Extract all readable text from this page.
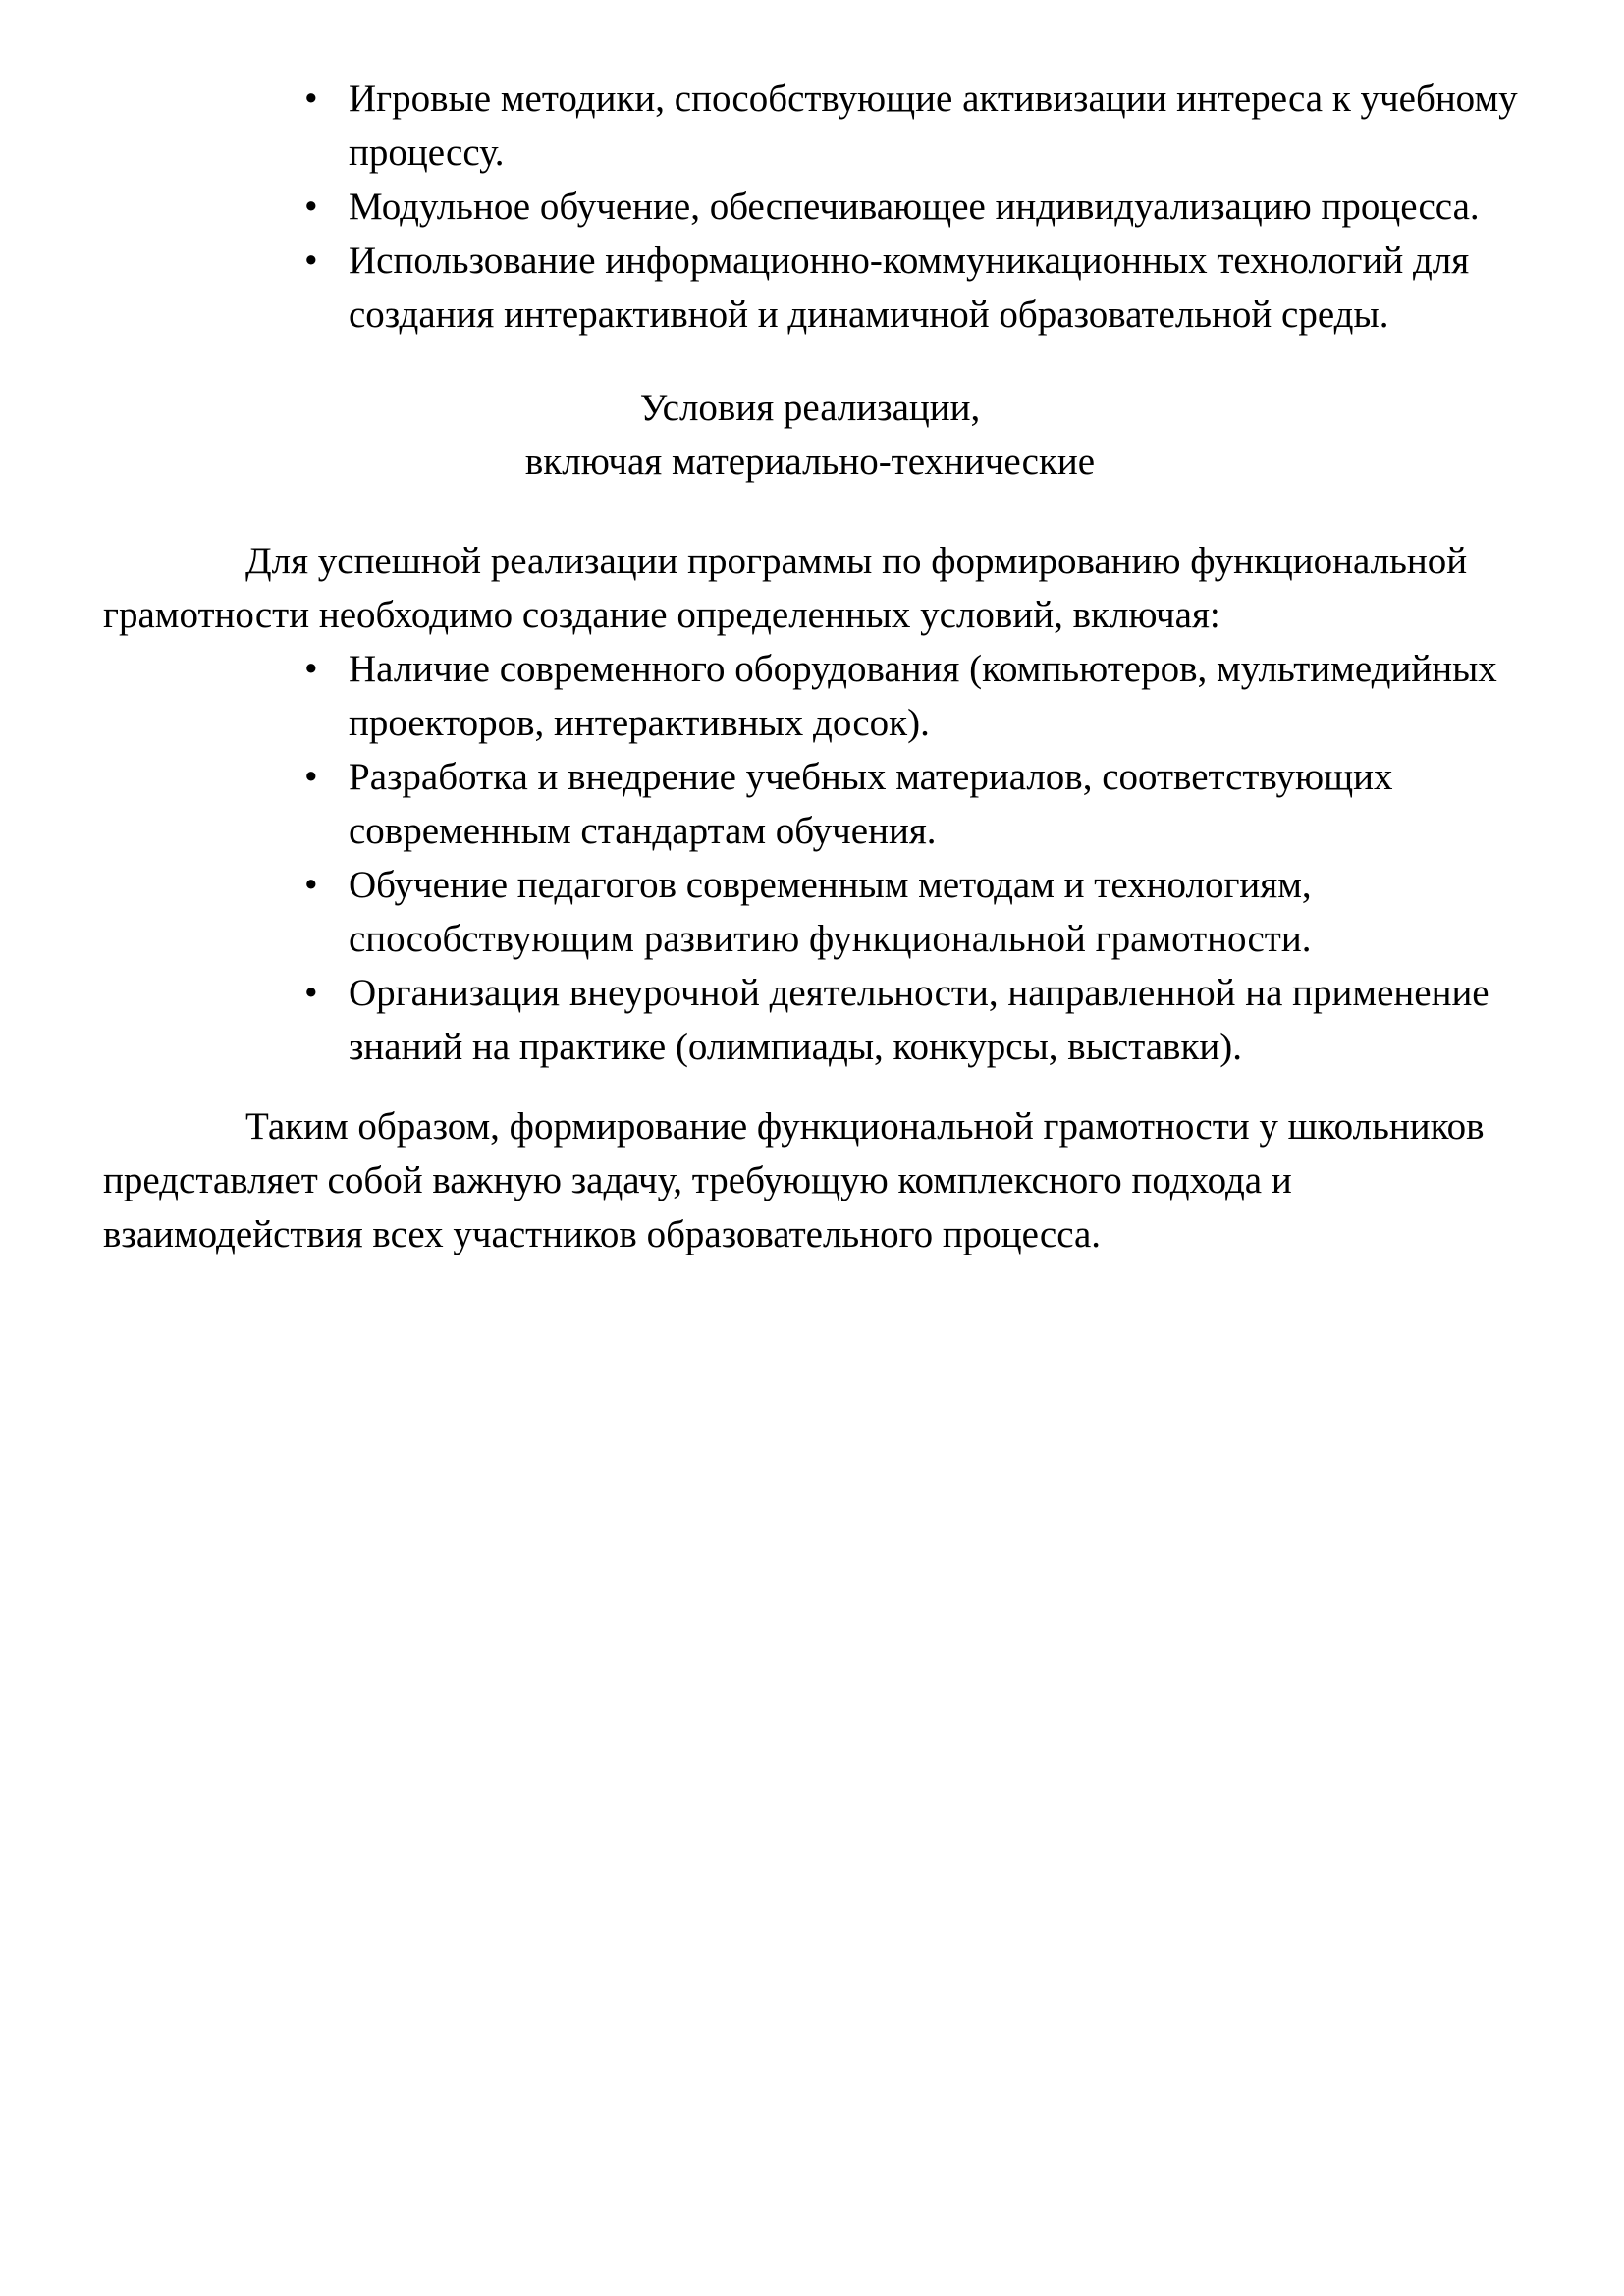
• Игровые методики, способствующие активизации интереса к учебному
процессу.
• Модульное обучение, обеспечивающее индивидуализацию процесса.
• Использование информационно-коммуникационных технологий для
создания интерактивной и динамичной образовательной среды.
Условия реализации,
включая материально-технические
Для успешной реализации программы по формированию функциональной
грамотности необходимо создание определенных условий, включая:
• Наличие современного оборудования (компьютеров, мультимедийных
проекторов, интерактивных досок).
• Разработка и внедрение учебных материалов, соответствующих
современным стандартам обучения.
• Обучение педагогов современным методам и технологиям,
способствующим развитию функциональной грамотности.
• Организация внеурочной деятельности, направленной на применение
знаний на практике (олимпиады, конкурсы, выставки).
Таким образом, формирование функциональной грамотности у школьников
представляет собой важную задачу, требующую комплексного подхода и
взаимодействия всех участников образовательного процесса.
